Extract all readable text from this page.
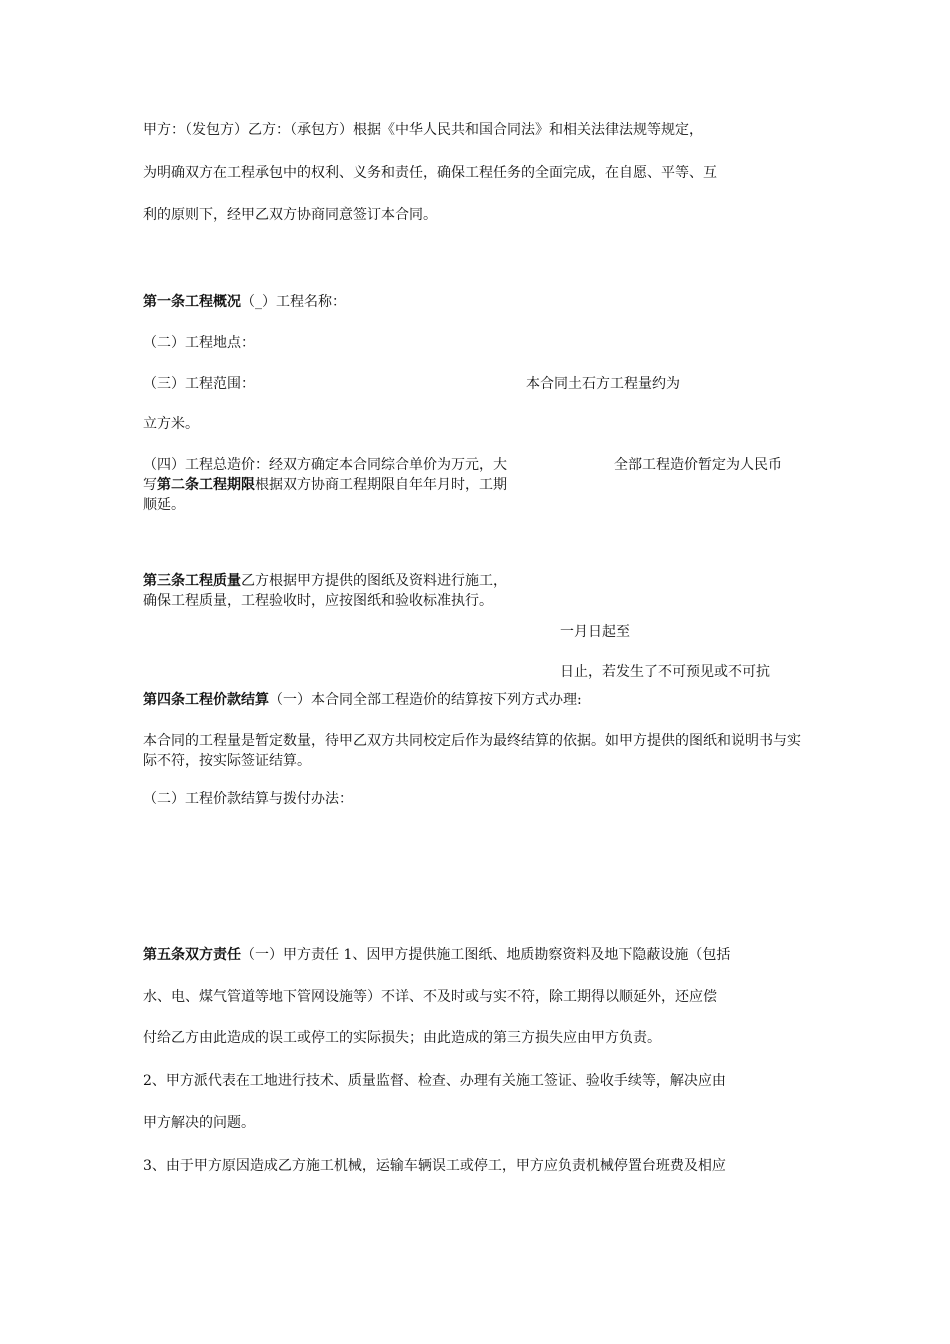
甲方：（发包方）乙方：（承包方）根据《中华人民共和国合同法》和相关法律法规等规定，
为明确双方在工程承包中的权利、义务和责任，确保工程任务的全面完成，在自愿、平等、互
利的原则下，经甲乙双方协商同意签订本合同。
第一条工程概况（_）工程名称：
（二）工程地点：
（三）工程范围：	本合同土石方工程量约为
立方米。
（四）工程总造价：经双方确定本合同综合单价为万元，大写第二条工程期限根据双方协商工程期限自年年月时，工期顺延。
全部工程造价暂定为人民币
第三条工程质量乙方根据甲方提供的图纸及资料进行施工，确保工程质量，工程验收时，应按图纸和验收标准执行。
一月日起至
日止，若发生了不可预见或不可抗
第四条工程价款结算（一）本合同全部工程造价的结算按下列方式办理:
本合同的工程量是暂定数量，待甲乙双方共同校定后作为最终结算的依据。如甲方提供的图纸和说明书与实际不符，按实际签证结算。
（二）工程价款结算与拨付办法：
第五条双方责任（一）甲方责任 1、因甲方提供施工图纸、地质勘察资料及地下隐蔽设施（包括
水、电、煤气管道等地下管网设施等）不详、不及时或与实不符，除工期得以顺延外，还应偿
付给乙方由此造成的误工或停工的实际损失；由此造成的第三方损失应由甲方负责。
2、甲方派代表在工地进行技术、质量监督、检查、办理有关施工签证、验收手续等，解决应由
甲方解决的问题。
3、由于甲方原因造成乙方施工机械，运输车辆误工或停工，甲方应负责机械停置台班费及相应
